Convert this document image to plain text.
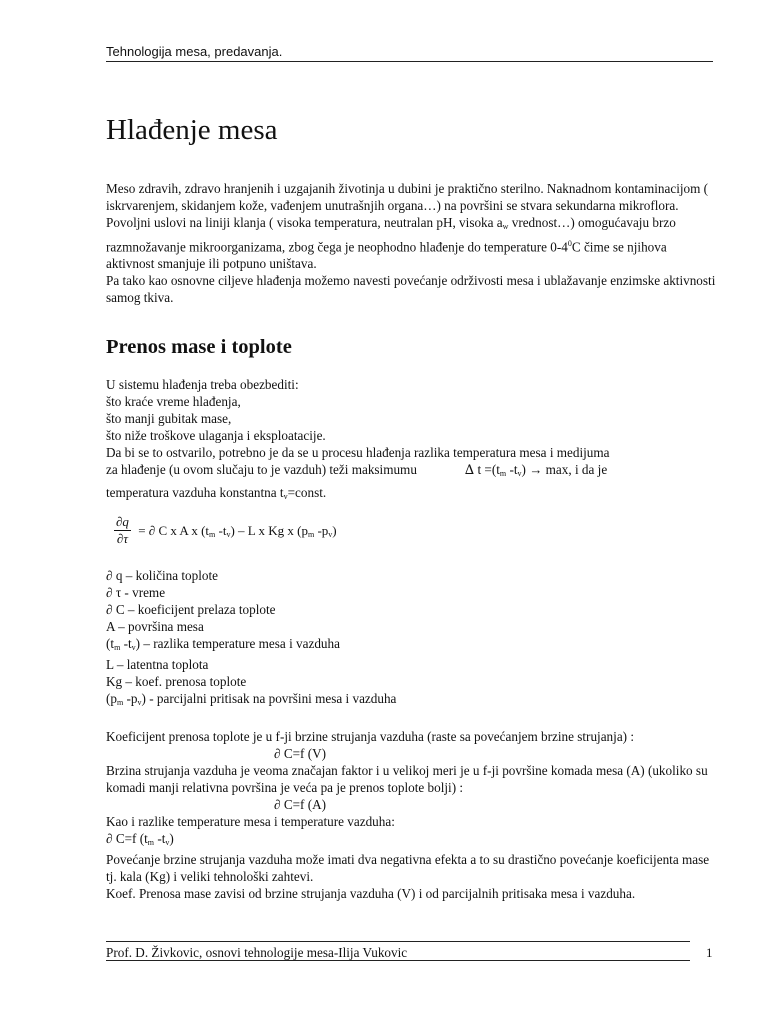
Tehnologija mesa, predavanja.
Hlađenje mesa

Meso zdravih, zdravo hranjenih i uzgajanih životinja u dubini je praktično sterilno. Naknadnom kontaminacijom ( iskrvarenjem, skidanjem kože, vađenjem unutrašnjih organa…) na površini se stvara sekundarna mikroflora.

Povoljni uslovi na liniji klanja ( visoka temperatura, neutralan pH, visoka $a_w$ vrednost…) omogućavaju brzo razmnožavanje mikroorganizama, zbog čega je neophodno hlađenje do temperature $0-4^0C$ čime se njihova aktivnost smanjuje ili potpuno uništava.

Pa tako kao osnovne ciljeve hlađenja možemo navesti povećanje održivosti mesa i ublažavanje enzimske aktivnosti samog tkiva.

Prenos mase i toplote
U sistemu hlađenja treba obezbediti:
što kraće vreme hlađenja,
što manji gubitak mase,
što niže troškove ulaganja i eksploatacije.
Da bi se to ostvarilo, potrebno je da se u procesu hlađenja razlika temperatura mesa i medijuma
za hlađenje (u ovom slučaju to je vazduh) teži maksimumu	∆ $t =(t_m$ $-t_v) \to \max$, i da je
temperatura vazduha konstantna $t_v=const$.
$\frac{\partial q}{\partial\tau}$ = ∂ C x A x ($t_m$ $-t_v$) – L x Kg x ($p_m$ $-p_v$)
∂ q – količina toplote
∂ τ - vreme
∂ C – koeficijent prelaza toplote
A – površina mesa
($t_m$ $-t_v$) – razlika temperature mesa i vazduha
L – latentna toplota
Kg – koef. prenosa toplote
($p_m$ $-p_v$) - parcijalni pritisak na površini mesa i vazduha
Koeficijent prenosa toplote je u f-ji brzine strujanja vazduha (raste sa povećanjem brzine strujanja) :
∂ C=f (V)
Brzina strujanja vazduha je veoma značajan faktor i u velikoj meri je u f-ji površine komada mesa (A) (ukoliko su komadi manji relativna površina je veća pa je prenos toplote bolji) :
∂ C=f (A)
Kao i razlike temperature mesa i temperature vazduha:
∂ C=f ($t_m$ $-t_v$)
Povećanje brzine strujanja vazduha može imati dva negativna efekta a to su drastično povećanje koeficijenta mase tj. kala (Kg) i veliki tehnološki zahtevi.
Koef. Prenosa mase zavisi od brzine strujanja vazduha (V) i od parcijalnih pritisaka mesa i vazduha.
Prof. D. Živkovic, osnovi tehnologije mesa-Ilija Vukovic	1
